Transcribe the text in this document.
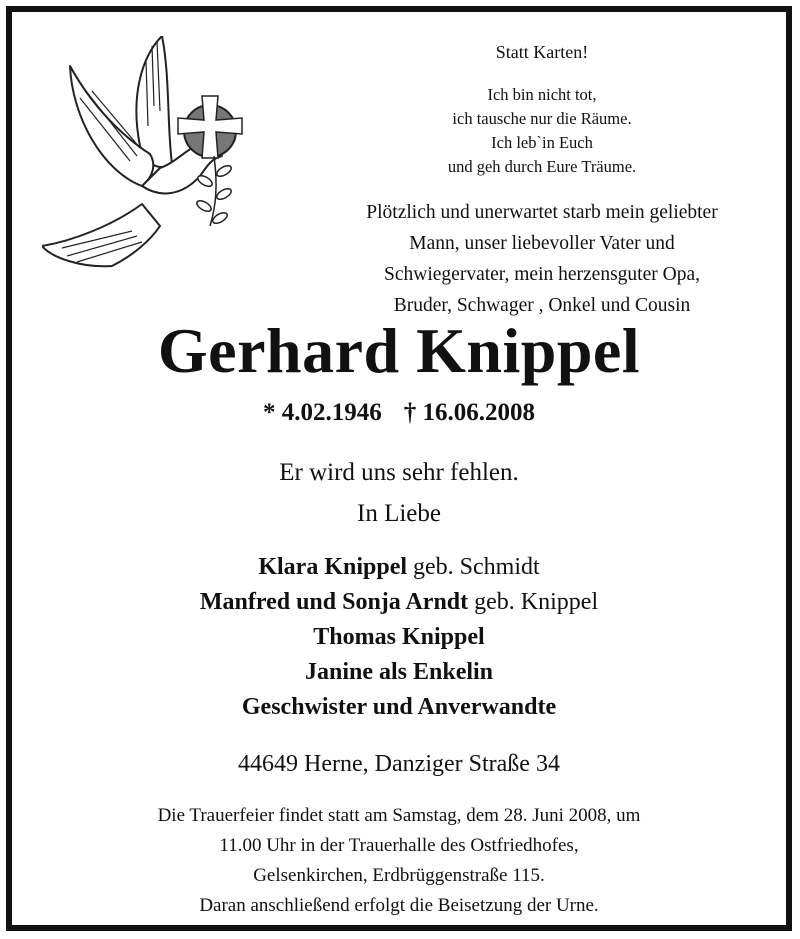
Statt Karten!
Ich bin nicht tot,
ich tausche nur die Räume.
Ich leb`in Euch
und geh durch Eure Träume.
Plötzlich und unerwartet starb mein geliebter
Mann, unser liebevoller Vater und
Schwiegervater, mein herzensguter Opa,
Bruder, Schwager , Onkel und Cousin
Gerhard Knippel
* 4.02.1946 † 16.06.2008
Er wird uns sehr fehlen.
In Liebe
Klara Knippel geb. Schmidt
Manfred und Sonja Arndt geb. Knippel
Thomas Knippel
Janine als Enkelin
Geschwister und Anverwandte
44649 Herne, Danziger Straße 34
Die Trauerfeier findet statt am Samstag, dem 28. Juni 2008, um
11.00 Uhr in der Trauerhalle des Ostfriedhofes,
Gelsenkirchen, Erdbrüggenstraße 115.
Daran anschließend erfolgt die Beisetzung der Urne.
